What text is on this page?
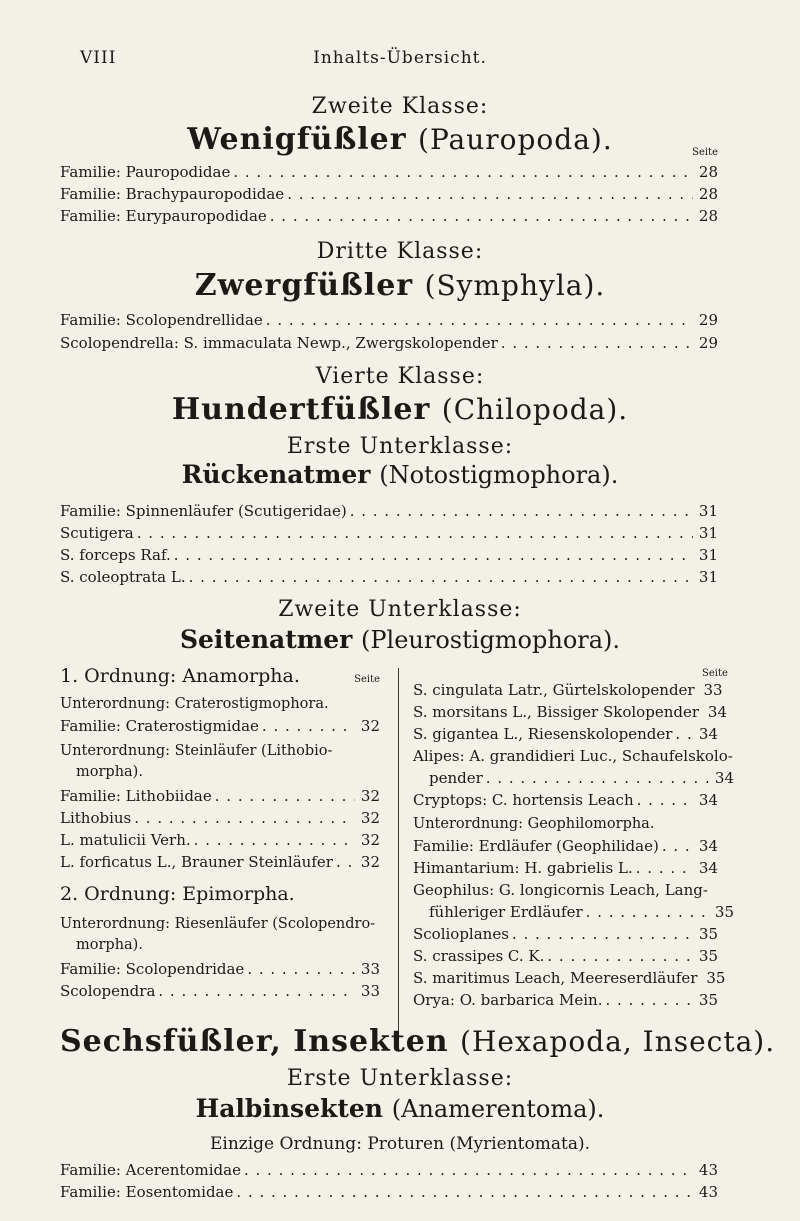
VIII	Inhalts-Übersicht.
Zweite Klasse:
Wenigfüßler (Pauropoda).	Seite
Familie: Pauropodidae . . .	28
Familie: Brachypauropodidae . . .	28
Familie: Eurypauropodidae . . .	28
Dritte Klasse:
Zwergfüßler (Symphyla).
Familie: Scolopendrellidae . . .	29
Scolopendrella: S. immaculata Newp., Zwergskolopender . . .	29
Vierte Klasse:
Hundertfüßler (Chilopoda).
Erste Unterklasse:
Rückenatmer (Notostigmophora).
Familie: Spinnenläufer (Scutigeridae) . . .	31
Scutigera . . .	31
S. forceps Raf. . . .	31
S. coleoptrata L. . . .	31
Zweite Unterklasse:
Seitenatmer (Pleurostigmophora).
1. Ordnung: Anamorpha.	Seite
Unterordnung: Craterostigmophora.
Familie: Craterostigmidae . . .	32
Unterordnung: Steinläufer (Lithobio-
morpha).
Familie: Lithobiidae . . .	32
Lithobius . . .	32
L. matulicii Verh. . . .	32
L. forficatus L., Brauner Steinläufer . . . 32
2. Ordnung: Epimorpha.
Unterordnung: Riesenläufer (Scolopendro-
morpha).
Familie: Scolopendridae . . .	33
Scolopendra . . .	33
Seite
S. cingulata Latr., Gürtelskolopender 33
S. morsitans L., Bissiger Skolopender 34
S. gigantea L., Riesenskolopender . . . 34
Alipes: A. grandidieri Luc., Schaufelskolo-
pender . . .	34
Cryptops: C. hortensis Leach . . .	34
Unterordnung: Geophilomorpha.
Familie: Erdläufer (Geophilidae) . . .	34
Himantarium: H. gabrielis L. . . .	34
Geophilus: G. longicornis Leach, Lang-
fühleriger Erdläufer . . .	35
Scolioplanes . . .	35
S. crassipes C. K. . . .	35
S. maritimus Leach, Meereserdläufer 35
Orya: O. barbarica Mein. . . .	35
Sechsfüßler, Insekten (Hexapoda, Insecta).
Erste Unterklasse:
Halbinsekten (Anamerentoma).
Einzige Ordnung: Proturen (Myrientomata).
Familie: Acerentomidae . . .	43
Familie: Eosentomidae . . .	43
